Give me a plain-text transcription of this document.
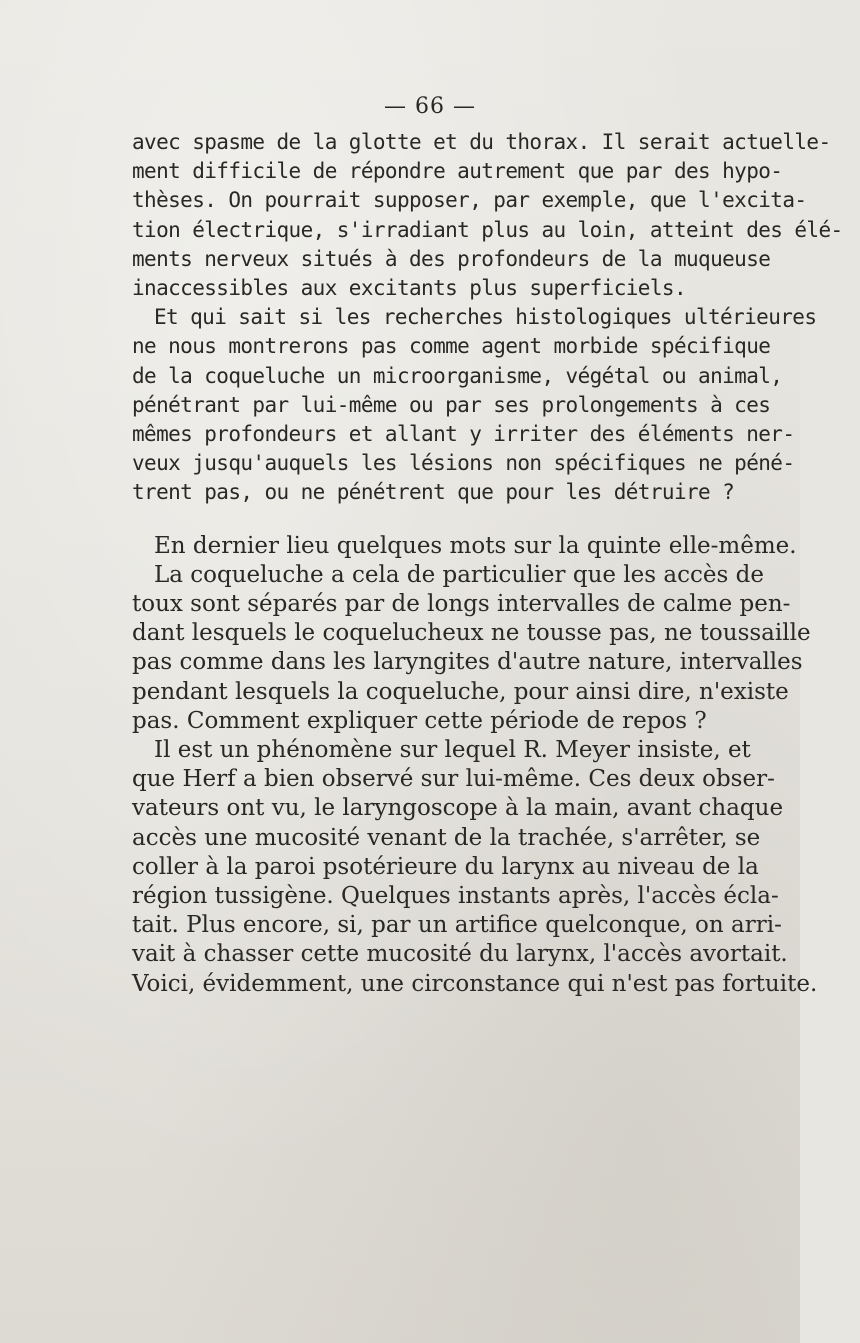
— 66 —
avec spasme de la glotte et du thorax. Il serait actuelle-
ment difficile de répondre autrement que par des hypo-
thèses. On pourrait supposer, par exemple, que l'excita-
tion électrique, s'irradiant plus au loin, atteint des élé-
ments nerveux situés à des profondeurs de la muqueuse
inaccessibles aux excitants plus superficiels.
Et qui sait si les recherches histologiques ultérieures
ne nous montrerons pas comme agent morbide spécifique
de la coqueluche un microorganisme, végétal ou animal,
pénétrant par lui-même ou par ses prolongements à ces
mêmes profondeurs et allant y irriter des éléments ner-
veux jusqu'auquels les lésions non spécifiques ne péné-
trent pas, ou ne pénétrent que pour les détruire ?
En dernier lieu quelques mots sur la quinte elle-même.
La coqueluche a cela de particulier que les accès de
toux sont séparés par de longs intervalles de calme pen-
dant lesquels le coquelucheux ne tousse pas, ne toussaille
pas comme dans les laryngites d'autre nature, intervalles
pendant lesquels la coqueluche, pour ainsi dire, n'existe
pas. Comment expliquer cette période de repos ?
Il est un phénomène sur lequel R. Meyer insiste, et
que Herf a bien observé sur lui-même. Ces deux obser-
vateurs ont vu, le laryngoscope à la main, avant chaque
accès une mucosité venant de la trachée, s'arrêter, se
coller à la paroi psotérieure du larynx au niveau de la
région tussigène. Quelques instants après, l'accès écla-
tait. Plus encore, si, par un artifice quelconque, on arri-
vait à chasser cette mucosité du larynx, l'accès avortait.
Voici, évidemment, une circonstance qui n'est pas fortuite.
